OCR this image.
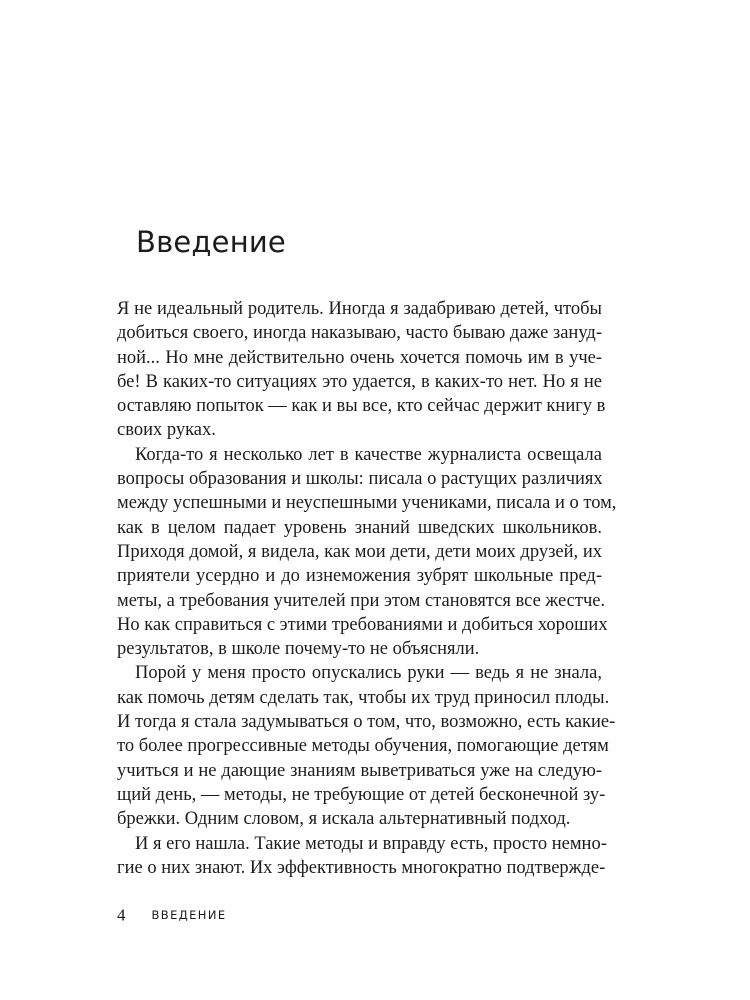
Введение
Я не идеальный родитель. Иногда я задабриваю детей, чтобы
добиться своего, иногда наказываю, часто бываю даже зануд-
ной... Но мне действительно очень хочется помочь им в уче-
бе! В каких-то ситуациях это удается, в каких-то нет. Но я не
оставляю попыток — как и вы все, кто сейчас держит книгу в
своих руках.
Когда-то я несколько лет в качестве журналиста освещала
вопросы образования и школы: писала о растущих различиях
между успешными и неуспешными учениками, писала и о том,
как в целом падает уровень знаний шведских школьников.
Приходя домой, я видела, как мои дети, дети моих друзей, их
приятели усердно и до изнеможения зубрят школьные пред-
меты, а требования учителей при этом становятся все жестче.
Но как справиться с этими требованиями и добиться хороших
результатов, в школе почему-то не объясняли.
Порой у меня просто опускались руки — ведь я не знала,
как помочь детям сделать так, чтобы их труд приносил плоды.
И тогда я стала задумываться о том, что, возможно, есть какие-
то более прогрессивные методы обучения, помогающие детям
учиться и не дающие знаниям выветриваться уже на следую-
щий день, — методы, не требующие от детей бесконечной зу-
брежки. Одним словом, я искала альтернативный подход.
И я его нашла. Такие методы и вправду есть, просто немно-
гие о них знают. Их эффективность многократно подтвержде-
4 ВВЕДЕНИЕ
